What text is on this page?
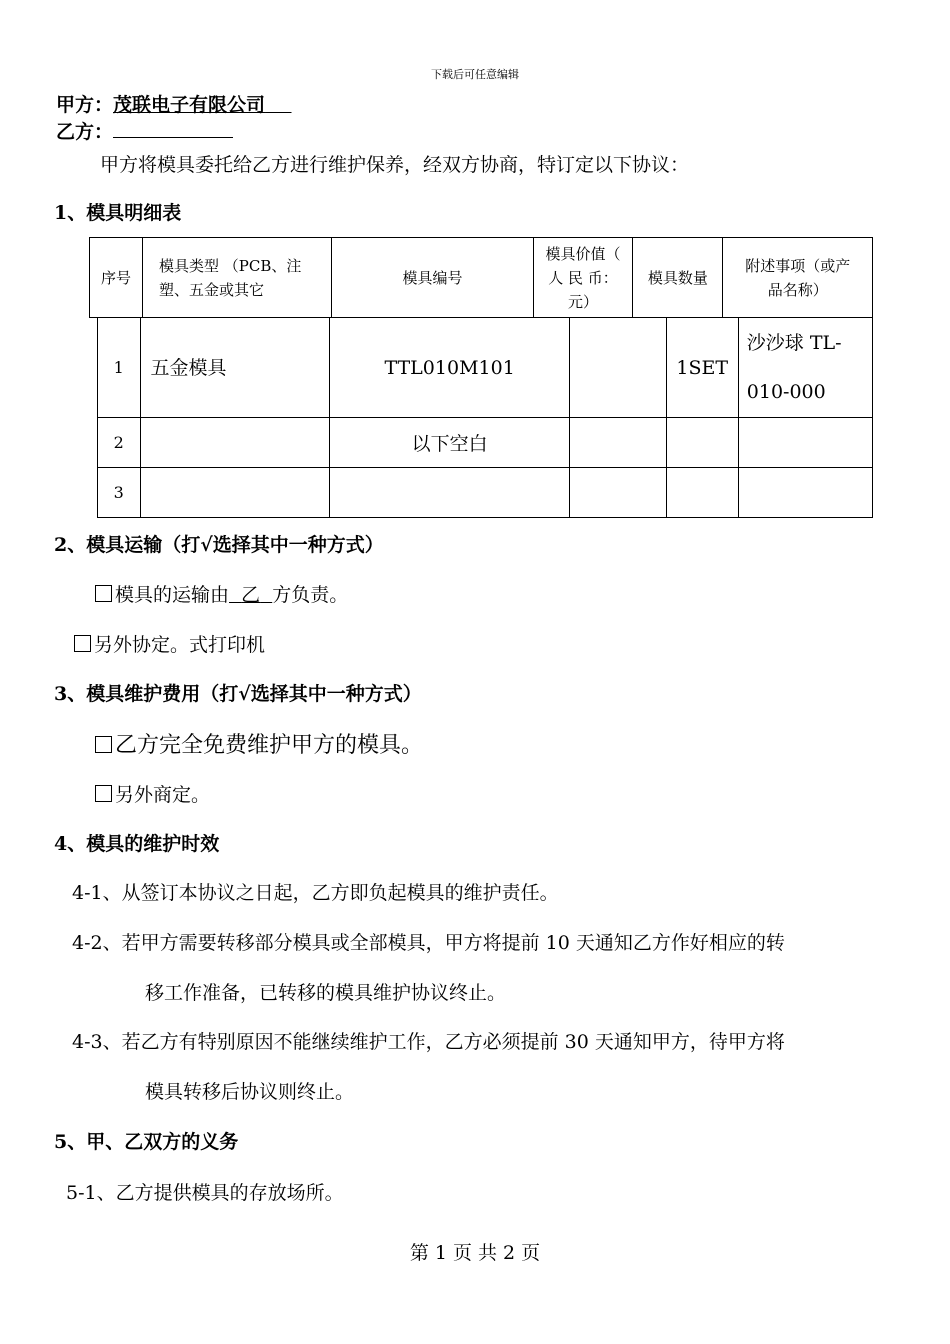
下载后可任意编辑
甲方：茂联电子有限公司
乙方：
甲方将模具委托给乙方进行维护保养，经双方协商，特订定以下协议：
1、模具明细表
序号	模具类型 （PCB、注塑、五金或其它	模具编号	模具价值（ 人 民 币：元）	模具数量	附述事项（或产品名称）
1	五金模具	TTL010M101		1SET	沙沙球 TL-010-000
2		以下空白			
3					
2、模具运输（打√选择其中一种方式）
模具的运输由 乙 方负责。
另外协定。式打印机
3、模具维护费用（打√选择其中一种方式）
乙方完全免费维护甲方的模具。
另外商定。
4、模具的维护时效
4-1、从签订本协议之日起，乙方即负起模具的维护责任。
4-2、若甲方需要转移部分模具或全部模具，甲方将提前 10 天通知乙方作好相应的转
移工作准备，已转移的模具维护协议终止。
4-3、若乙方有特别原因不能继续维护工作，乙方必须提前 30 天通知甲方，待甲方将
模具转移后协议则终止。
5、甲、乙双方的义务
5-1、乙方提供模具的存放场所。
第 1 页 共 2 页
